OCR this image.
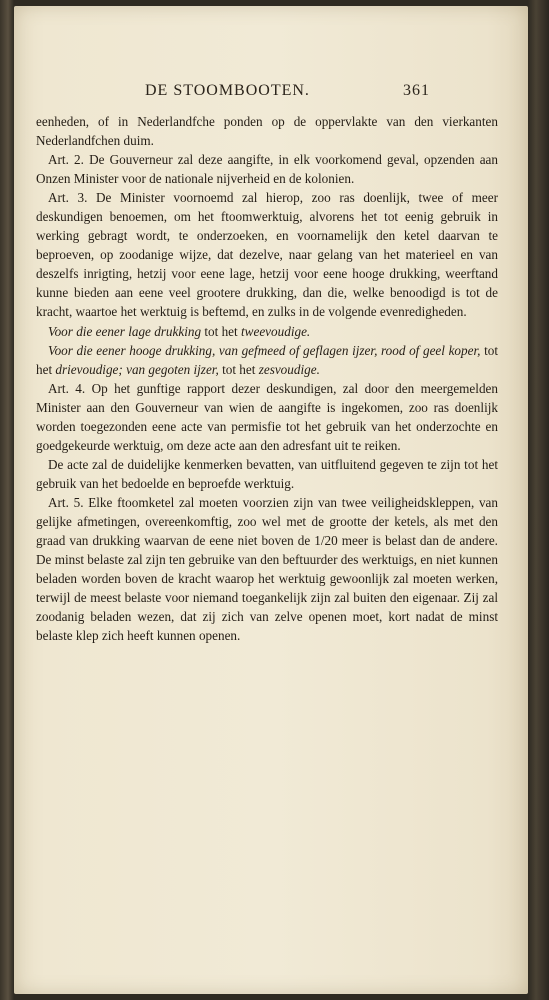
DE STOOMBOOTEN.	361

eenheden, of in Nederlandfche ponden op de oppervlakte van den vierkanten Nederlandfchen duim.

Art. 2. De Gouverneur zal deze aangifte, in elk voorkomend geval, opzenden aan Onzen Minister voor de nationale nijverheid en de kolonien.

Art. 3. De Minister voornoemd zal hierop, zoo ras doenlijk, twee of meer deskundigen benoemen, om het ftoomwerktuig, alvorens het tot eenig gebruik in werking gebragt wordt, te onderzoeken, en voornamelijk den ketel daarvan te beproeven, op zoodanige wijze, dat dezelve, naar gelang van het materieel en van deszelfs inrigting, hetzij voor eene lage, hetzij voor eene hooge drukking, weerftand kunne bieden aan eene veel grootere drukking, dan die, welke benoodigd is tot de kracht, waartoe het werktuig is beftemd, en zulks in de volgende evenredigheden.

Voor die eener lage drukking tot het tweevoudige.

Voor die eener hooge drukking, van gefmeed of geflagen ijzer, rood of geel koper, tot het drievoudige; van gegoten ijzer, tot het zesvoudige.

Art. 4. Op het gunftige rapport dezer deskundigen, zal door den meergemelden Minister aan den Gouverneur van wien de aangifte is ingekomen, zoo ras doenlijk worden toegezonden eene acte van permisfie tot het gebruik van het onderzochte en goedgekeurde werktuig, om deze acte aan den adresfant uit te reiken.

De acte zal de duidelijke kenmerken bevatten, van uitfluitend gegeven te zijn tot het gebruik van het bedoelde en beproefde werktuig.

Art. 5. Elke ftoomketel zal moeten voorzien zijn van twee veiligheidskleppen, van gelijke afmetingen, overeenkomftig, zoo wel met de grootte der ketels, als met den graad van drukking waarvan de eene niet boven de 1/20 meer is belast dan de andere. De minst belaste zal zijn ten gebruike van den beftuurder des werktuigs, en niet kunnen beladen worden boven de kracht waarop het werktuig gewoonlijk zal moeten werken, terwijl de meest belaste voor niemand toegankelijk zijn zal buiten den eigenaar. Zij zal zoodanig beladen wezen, dat zij zich van zelve openen moet, kort nadat de minst belaste klep zich heeft kunnen openen.
